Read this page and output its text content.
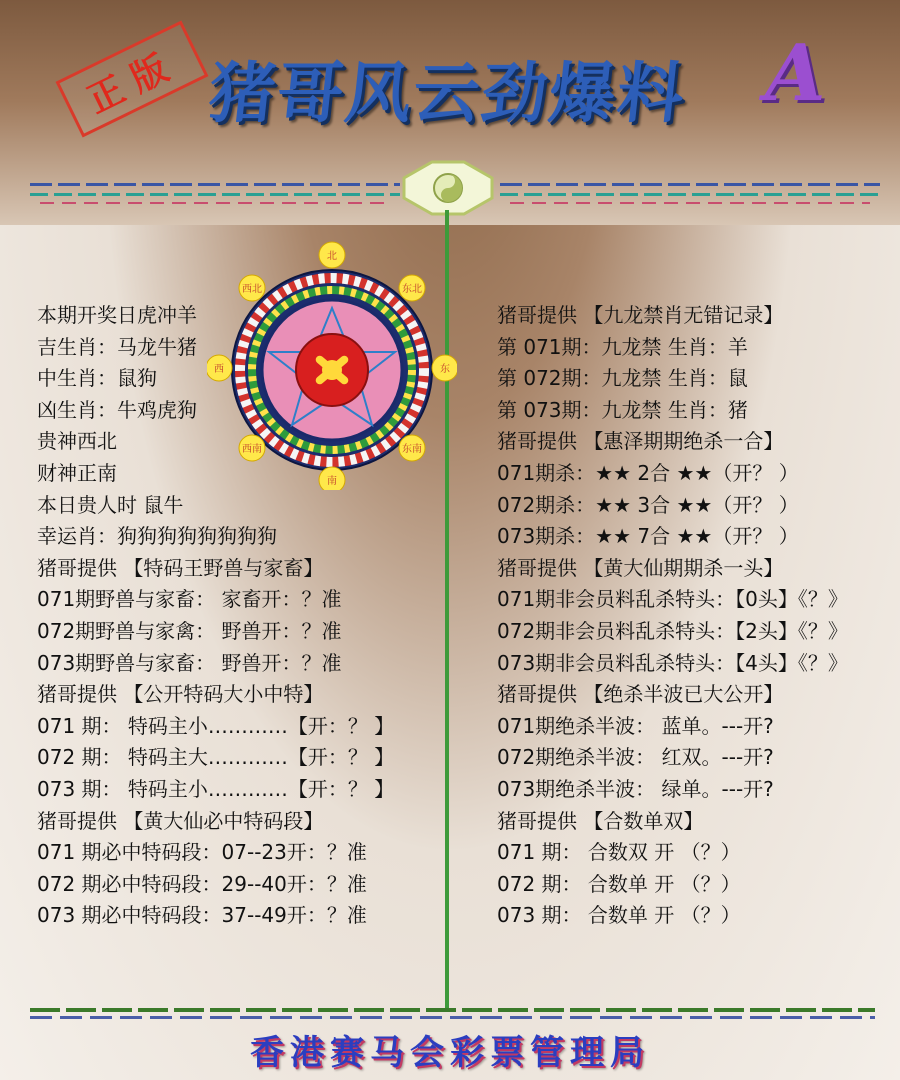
正版 猪哥风云劲爆料 A
北
东北
东
东南
南
西南
西
西北
本期开奖日虎冲羊
吉生肖：马龙牛猪
中生肖：鼠狗
凶生肖：牛鸡虎狗
贵神西北
财神正南
本日贵人时 鼠牛
幸运肖：狗狗狗狗狗狗狗狗
猪哥提供 【特码王野兽与家畜】
071期野兽与家畜： 家畜开：？准
072期野兽与家禽： 野兽开：？准
073期野兽与家畜： 野兽开：？准
猪哥提供 【公开特码大小中特】
071 期： 特码主小…………【开：？ 】
072 期： 特码主大…………【开：？ 】
073 期： 特码主小…………【开：？ 】
猪哥提供 【黄大仙必中特码段】
071 期必中特码段：07--23开：？准
072 期必中特码段：29--40开：？准
073 期必中特码段：37--49开：？准
猪哥提供 【九龙禁肖无错记录】
第 071期：九龙禁 生肖：羊
第 072期：九龙禁 生肖：鼠
第 073期：九龙禁 生肖：猪
猪哥提供 【惠泽期期绝杀一合】
071期杀：★★ 2合 ★★（开？ ）
072期杀：★★ 3合 ★★（开？ ）
073期杀：★★ 7合 ★★（开？ ）
猪哥提供 【黄大仙期期杀一头】
071期非会员料乱杀特头：【0头】《？》
072期非会员料乱杀特头：【2头】《？》
073期非会员料乱杀特头：【4头】《？》
猪哥提供 【绝杀半波已大公开】
071期绝杀半波： 蓝单。---开?
072期绝杀半波： 红双。---开?
073期绝杀半波： 绿单。---开?
猪哥提供 【合数单双】
071 期： 合数双 开 （？）
072 期： 合数单 开 （？）
073 期： 合数单 开 （？）
香港赛马会彩票管理局
